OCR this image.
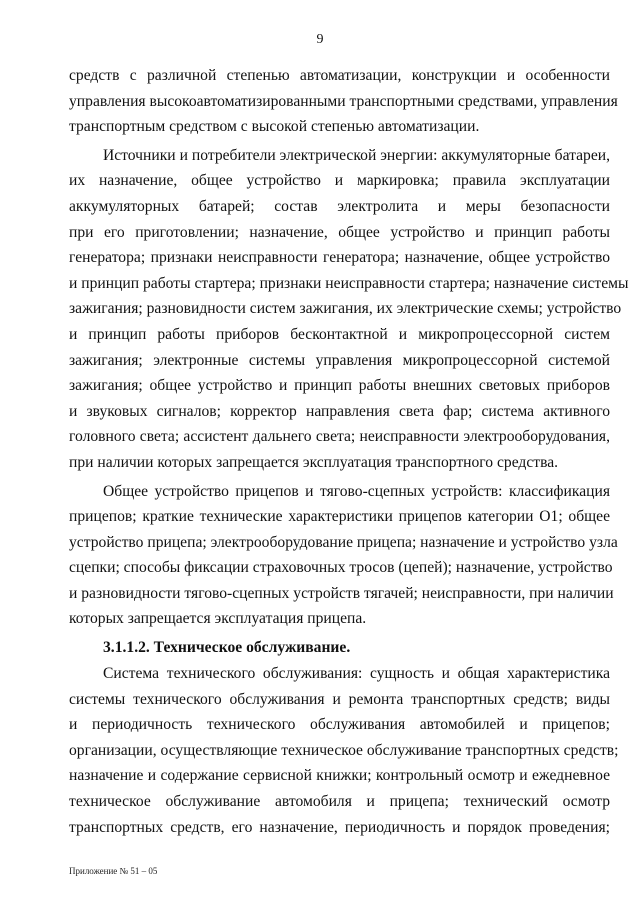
9
средств с различной степенью автоматизации, конструкции и особенности
управления высокоавтоматизированными транспортными средствами, управления
транспортным средством с высокой степенью автоматизации.
Источники и потребители электрической энергии: аккумуляторные батареи,
их назначение, общее устройство и маркировка; правила эксплуатации
аккумуляторных батарей; состав электролита и меры безопасности
при его приготовлении; назначение, общее устройство и принцип работы
генератора; признаки неисправности генератора; назначение, общее устройство
и принцип работы стартера; признаки неисправности стартера; назначение системы
зажигания; разновидности систем зажигания, их электрические схемы; устройство
и принцип работы приборов бесконтактной и микропроцессорной систем
зажигания; электронные системы управления микропроцессорной системой
зажигания; общее устройство и принцип работы внешних световых приборов
и звуковых сигналов; корректор направления света фар; система активного
головного света; ассистент дальнего света; неисправности электрооборудования,
при наличии которых запрещается эксплуатация транспортного средства.
Общее устройство прицепов и тягово-сцепных устройств: классификация
прицепов; краткие технические характеристики прицепов категории О1; общее
устройство прицепа; электрооборудование прицепа; назначение и устройство узла
сцепки; способы фиксации страховочных тросов (цепей); назначение, устройство
и разновидности тягово-сцепных устройств тягачей; неисправности, при наличии
которых запрещается эксплуатация прицепа.
3.1.1.2. Техническое обслуживание.
Система технического обслуживания: сущность и общая характеристика
системы технического обслуживания и ремонта транспортных средств; виды
и периодичность технического обслуживания автомобилей и прицепов;
организации, осуществляющие техническое обслуживание транспортных средств;
назначение и содержание сервисной книжки; контрольный осмотр и ежедневное
техническое обслуживание автомобиля и прицепа; технический осмотр
транспортных средств, его назначение, периодичность и порядок проведения;
Приложение № 51 – 05
